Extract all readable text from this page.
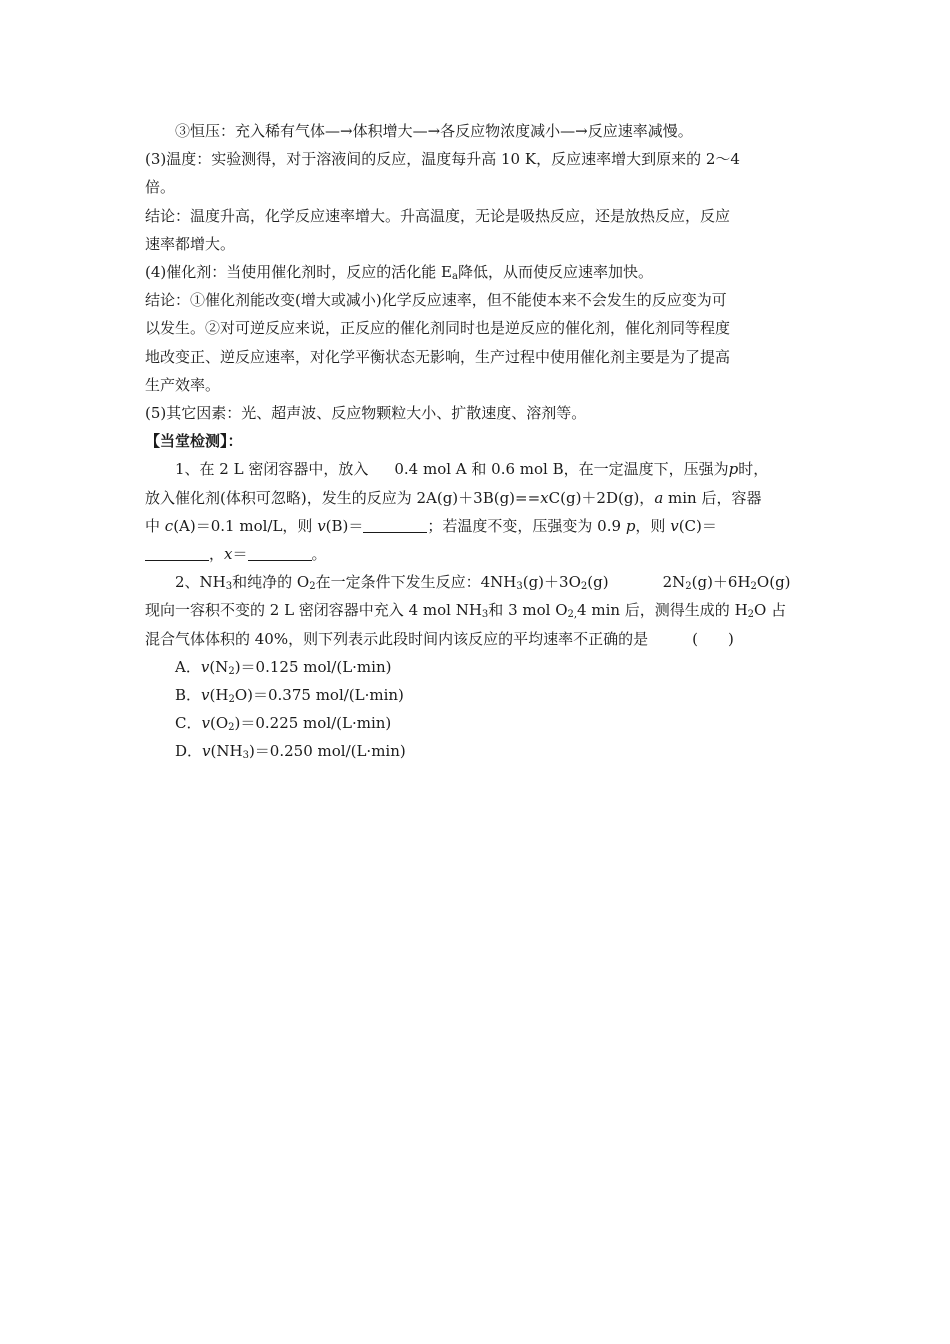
③恒压：充入稀有气体—→体积增大—→各反应物浓度减小—→反应速率减慢。
(3)温度：实验测得，对于溶液间的反应，温度每升高 10 K，反应速率增大到原来的 2～4
倍。
结论：温度升高，化学反应速率增大。升高温度，无论是吸热反应，还是放热反应，反应
速率都增大。
(4)催化剂：当使用催化剂时，反应的活化能 $E_a$降低，从而使反应速率加快。
结论：①催化剂能改变(增大或减小)化学反应速率，但不能使本来不会发生的反应变为可
以发生。②对可逆反应来说，正反应的催化剂同时也是逆反应的催化剂，催化剂同等程度
地改变正、逆反应速率，对化学平衡状态无影响，生产过程中使用催化剂主要是为了提高
生产效率。
(5)其它因素：光、超声波、反应物颗粒大小、扩散速度、溶剂等。
【当堂检测】：
1、在 2 L 密闭容器中，放入 0.4 mol A 和 0.6 mol B，在一定温度下，压强为p时，
放入催化剂(体积可忽略)，发生的反应为 2A(g)＋3B(g)==xC(g)＋2D(g)，a min 后，容器
中 c(A)＝0.1 mol/L，则 v(B)＝	；若温度不变，压强变为 0.9 p，则 v(C)＝
，x＝	。
2、$NH_3$和纯净的 $O_2$在一定条件下发生反应：$4NH_3(g)+3O_2(g)$	$2N_2(g)+6H_2O(g)$
现向一容积不变的 2 L 密闭容器中充入 4 mol $NH_3$和 3 mol $O_{2,}4$ min 后，测得生成的 $H_2O$ 占
混合气体体积的 40%，则下列表示此段时间内该反应的平均速率不正确的是	(　　)
A．$v(N_2)=0.125$ mol/(L·min)
B．$v(H_2O)=0.375$ mol/(L·min)
C．$v(O_2)=0.225$ mol/(L·min)
D．$v(NH_3)=0.250$ mol/(L·min)
